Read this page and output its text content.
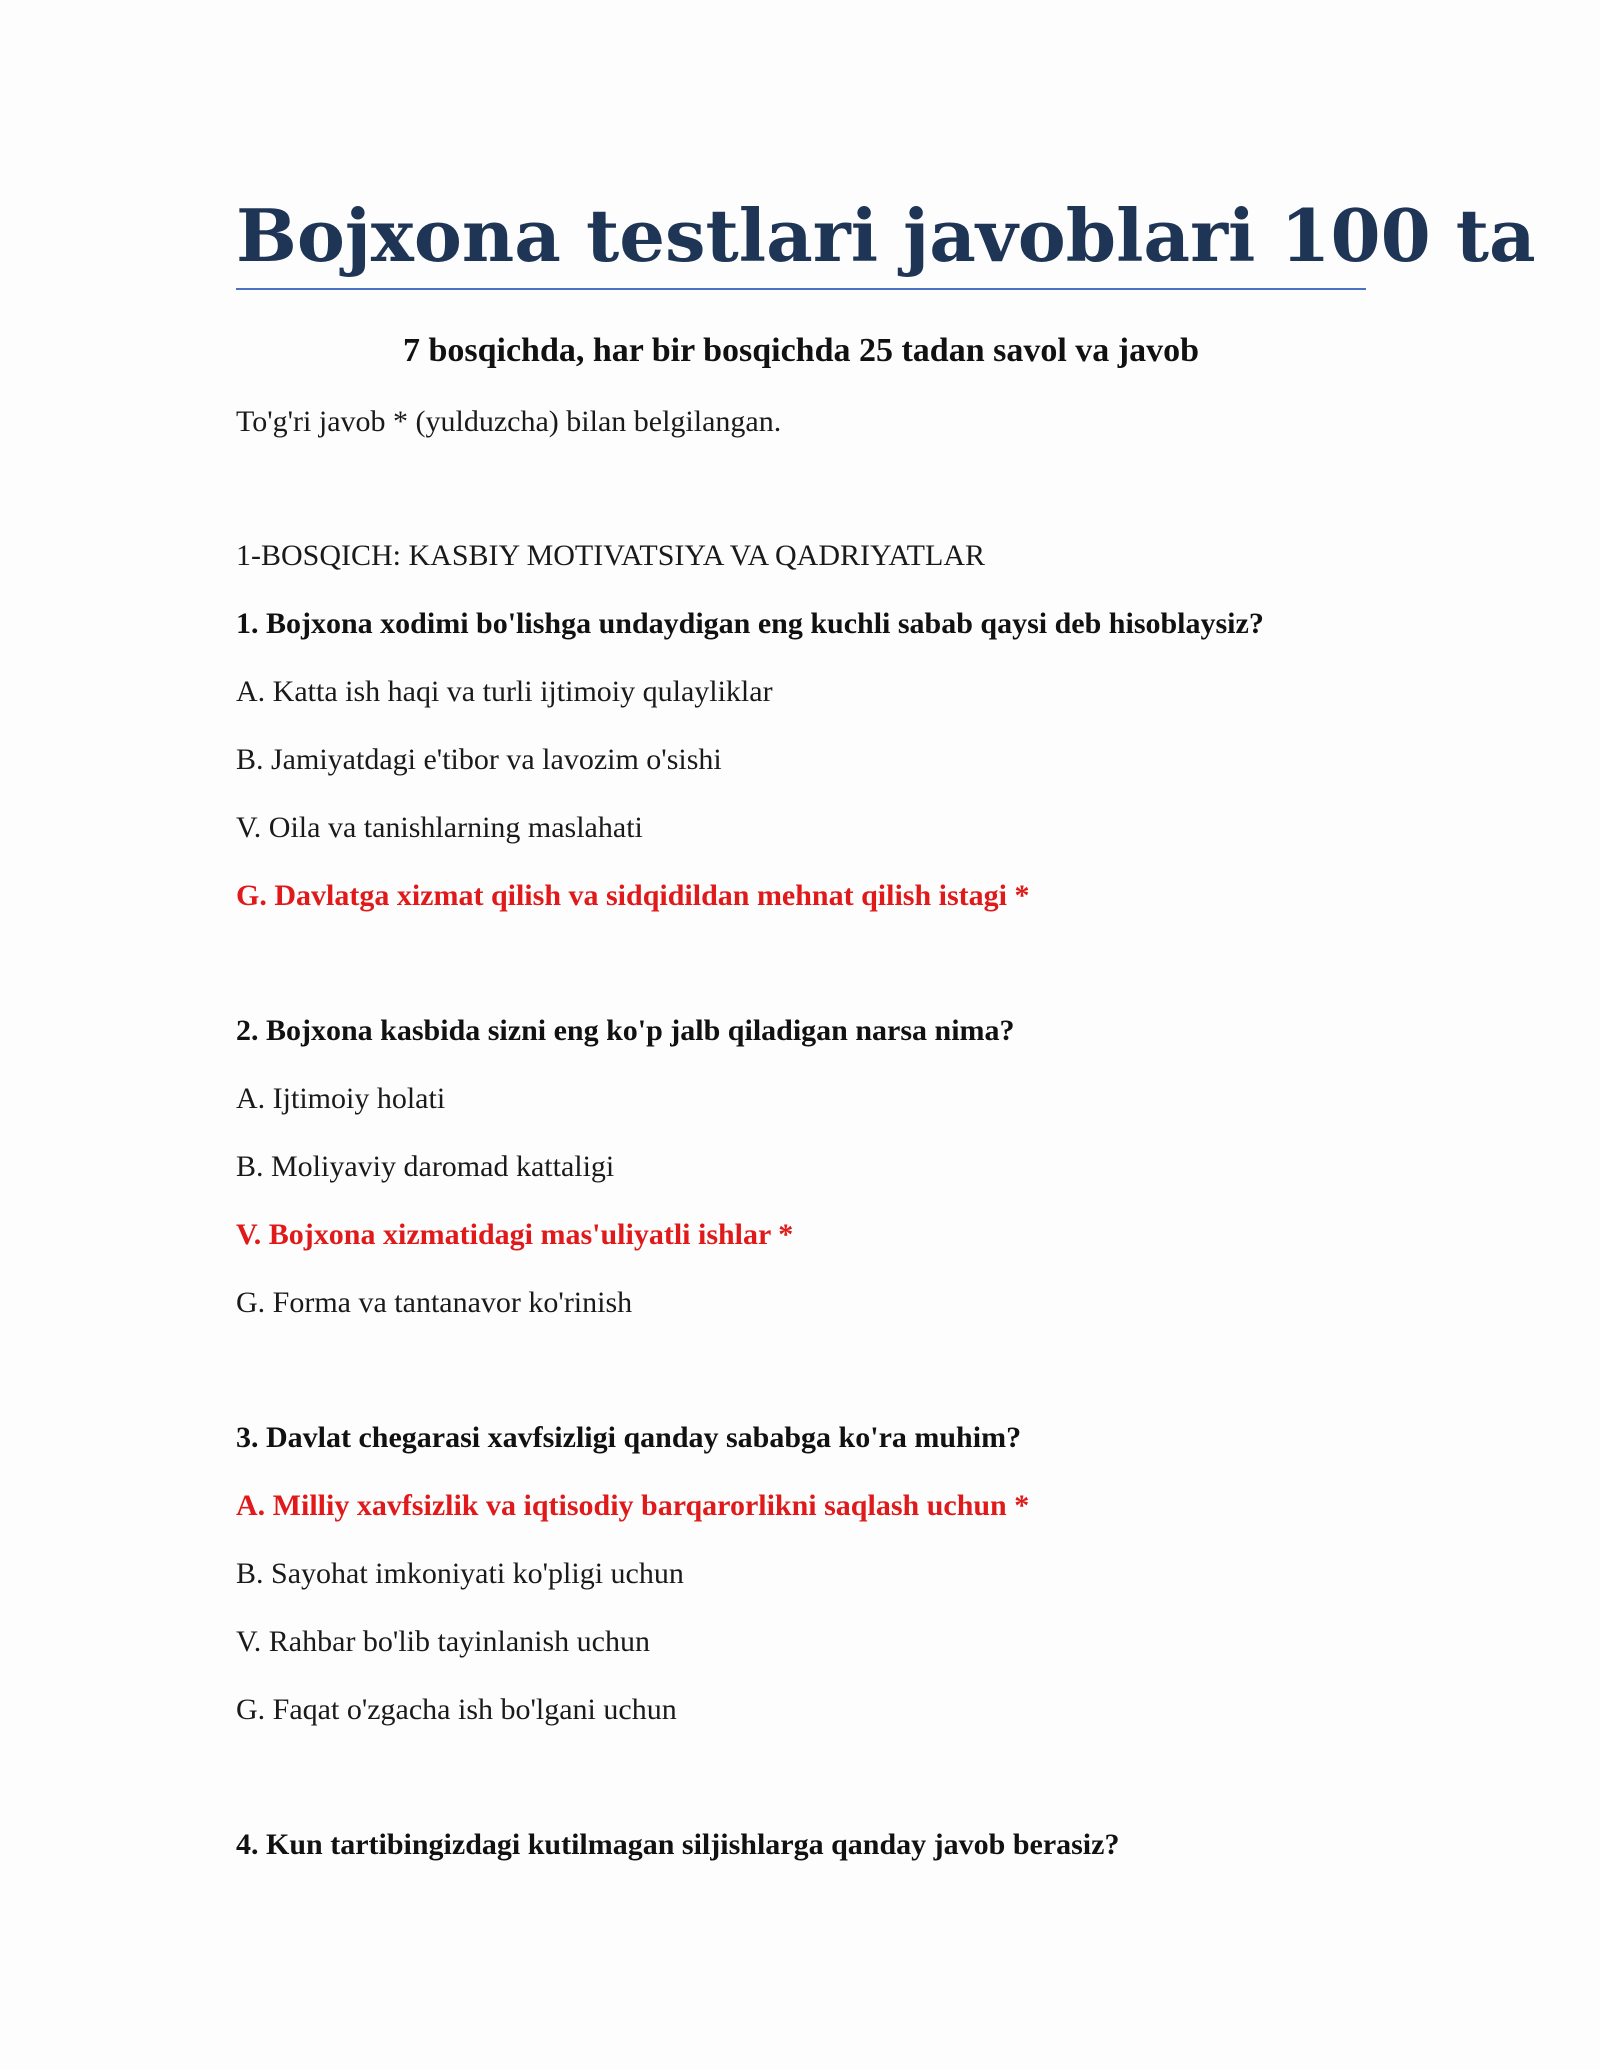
Bojxona testlari javoblari 100 ta

7 bosqichda, har bir bosqichda 25 tadan savol va javob

To'g'ri javob * (yulduzcha) bilan belgilangan.

1-BOSQICH: KASBIY MOTIVATSIYA VA QADRIYATLAR

1. Bojxona xodimi bo'lishga undaydigan eng kuchli sabab qaysi deb hisoblaysiz?

A. Katta ish haqi va turli ijtimoiy qulayliklar

B. Jamiyatdagi e'tibor va lavozim o'sishi

V. Oila va tanishlarning maslahati

G. Davlatga xizmat qilish va sidqidildan mehnat qilish istagi *

2. Bojxona kasbida sizni eng ko'p jalb qiladigan narsa nima?

A. Ijtimoiy holati

B. Moliyaviy daromad kattaligi

V. Bojxona xizmatidagi mas'uliyatli ishlar *

G. Forma va tantanavor ko'rinish

3. Davlat chegarasi xavfsizligi qanday sababga ko'ra muhim?

A. Milliy xavfsizlik va iqtisodiy barqarorlikni saqlash uchun *

B. Sayohat imkoniyati ko'pligi uchun

V. Rahbar bo'lib tayinlanish uchun

G. Faqat o'zgacha ish bo'lgani uchun

4. Kun tartibingizdagi kutilmagan siljishlarga qanday javob berasiz?
